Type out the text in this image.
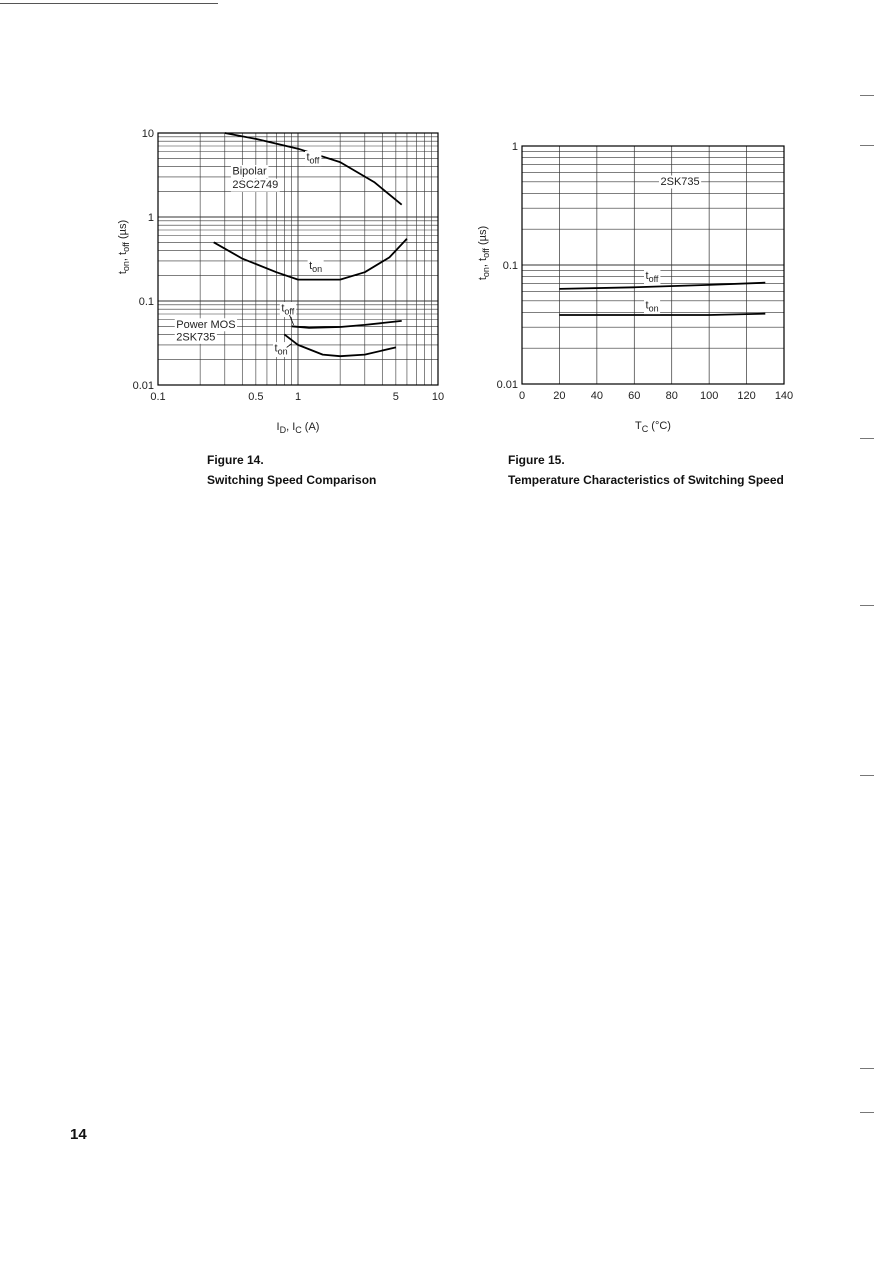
Bipolar
2SC2749
Power MOS
2SK735
$t_{off}$
$t_{on}$
$t_{off}$
$t_{on}$
0.1	0.5	1	5	10
10
1
0.1
0.01
$I_D$, $I_C$ (A)
$t_{on}$, $t_{off}$ (µs)
2SK735
$t_{off}$
$t_{on}$
0	20 40 60 80 100 120 140
1
0.1
0.01
$T_C$ (°C)
$t_{on}$, $t_{off}$ (µs)
Figure 14.
Switching Speed Comparison
Figure 15.
Temperature Characteristics of Switching Speed
14
